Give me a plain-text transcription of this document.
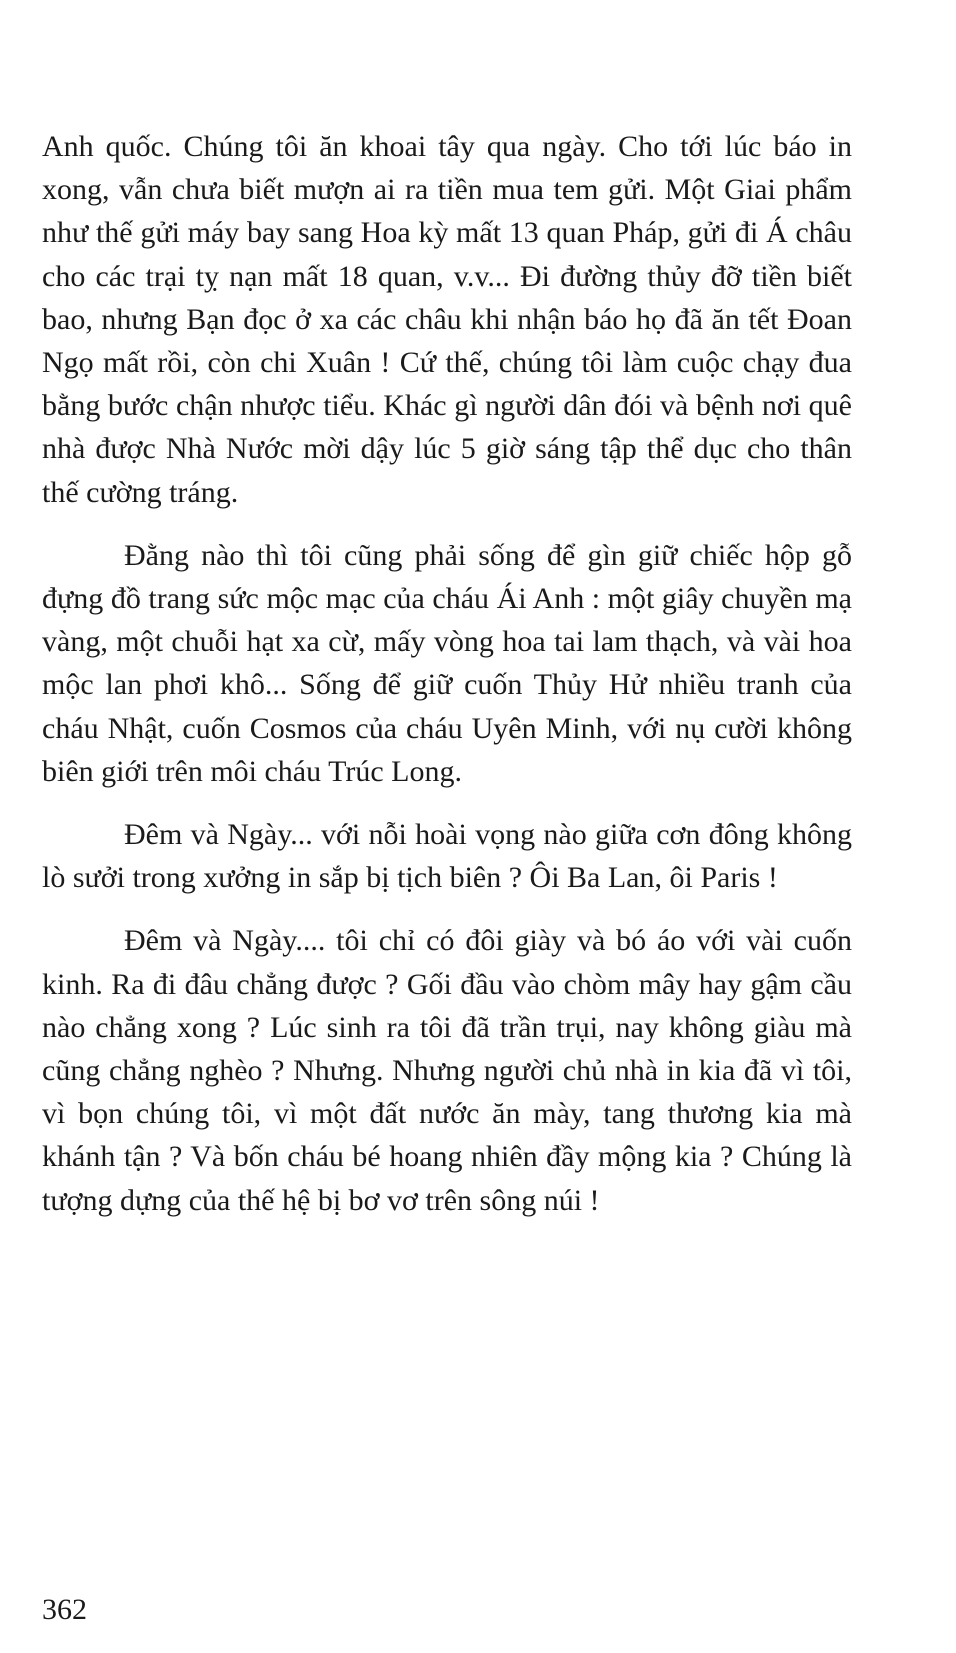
Anh quốc. Chúng tôi ăn khoai tây qua ngày. Cho tới lúc báo in xong, vẫn chưa biết mượn ai ra tiền mua tem gửi. Một Giai phẩm như thế gửi máy bay sang Hoa kỳ mất 13 quan Pháp, gửi đi Á châu cho các trại tỵ nạn mất 18 quan, v.v... Đi đường thủy đỡ tiền biết bao, nhưng Bạn đọc ở xa các châu khi nhận báo họ đã ăn tết Đoan Ngọ mất rồi, còn chi Xuân ! Cứ thế, chúng tôi làm cuộc chạy đua bằng bước chận nhược tiểu. Khác gì người dân đói và bệnh nơi quê nhà được Nhà Nước mời dậy lúc 5 giờ sáng tập thể dục cho thân thế cường tráng.

Đằng nào thì tôi cũng phải sống để gìn giữ chiếc hộp gỗ đựng đồ trang sức mộc mạc của cháu Ái Anh : một giây chuyền mạ vàng, một chuỗi hạt xa cừ, mấy vòng hoa tai lam thạch, và vài hoa mộc lan phơi khô... Sống để giữ cuốn Thủy Hử nhiều tranh của cháu Nhật, cuốn Cosmos của cháu Uyên Minh, với nụ cười không biên giới trên môi cháu Trúc Long.

Đêm và Ngày... với nỗi hoài vọng nào giữa cơn đông không lò sưởi trong xưởng in sắp bị tịch biên ? Ôi Ba Lan, ôi Paris !

Đêm và Ngày.... tôi chỉ có đôi giày và bó áo với vài cuốn kinh. Ra đi đâu chẳng được ? Gối đầu vào chòm mây hay gậm cầu nào chẳng xong ? Lúc sinh ra tôi đã trần trụi, nay không giàu mà cũng chẳng nghèo ? Nhưng. Nhưng người chủ nhà in kia đã vì tôi, vì bọn chúng tôi, vì một đất nước ăn mày, tang thương kia mà khánh tận ? Và bốn cháu bé hoang nhiên đầy mộng kia ? Chúng là tượng dựng của thế hệ bị bơ vơ trên sông núi !

362
